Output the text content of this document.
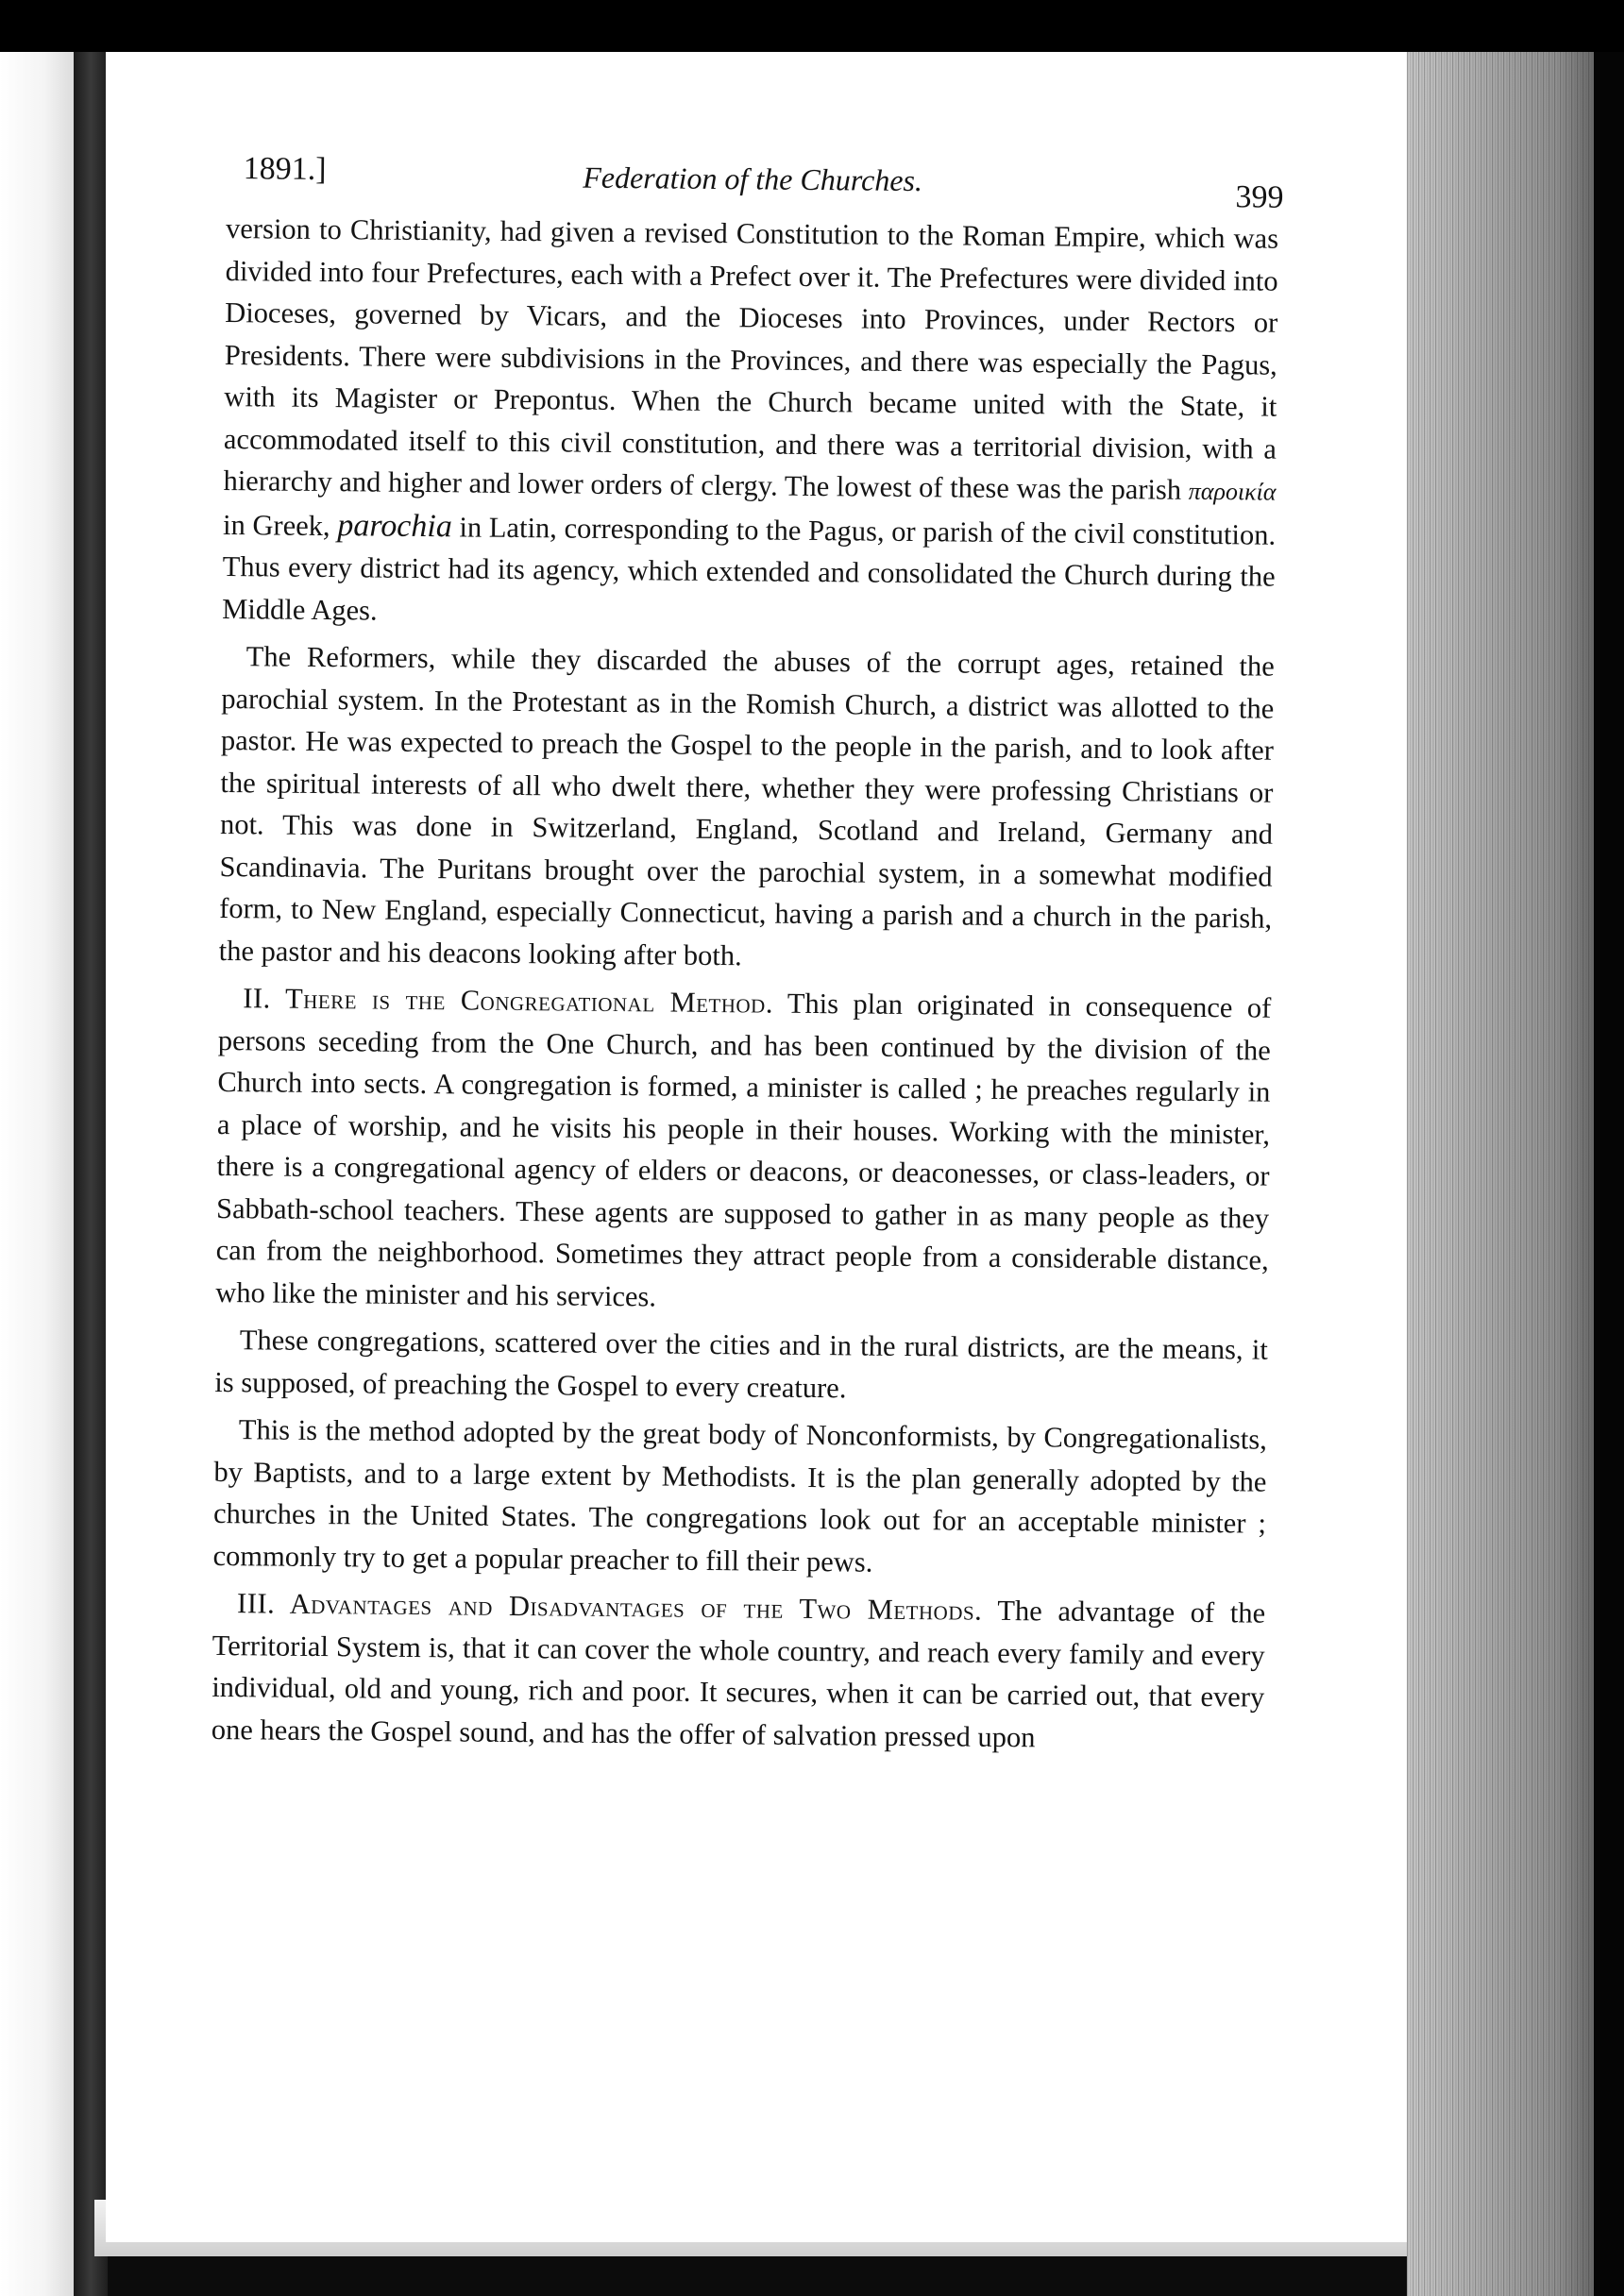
1891.]	Federation of the Churches.	399

version to Christianity, had given a revised Constitution to the Roman Empire, which was divided into four Prefectures, each with a Prefect over it. The Prefectures were divided into Dioceses, governed by Vicars, and the Dioceses into Provinces, under Rectors or Presidents. There were subdivisions in the Provinces, and there was especially the Pagus, with its Magister or Prepontus. When the Church became united with the State, it accommodated itself to this civil constitution, and there was a territorial division, with a hierarchy and higher and lower orders of clergy. The lowest of these was the parish παροικία in Greek, parochia in Latin, corresponding to the Pagus, or parish of the civil constitution. Thus every district had its agency, which extended and consolidated the Church during the Middle Ages.

The Reformers, while they discarded the abuses of the corrupt ages, retained the parochial system. In the Protestant as in the Romish Church, a district was allotted to the pastor. He was expected to preach the Gospel to the people in the parish, and to look after the spiritual interests of all who dwelt there, whether they were professing Christians or not. This was done in Switzerland, England, Scotland and Ireland, Germany and Scandinavia. The Puritans brought over the parochial system, in a somewhat modified form, to New England, especially Connecticut, having a parish and a church in the parish, the pastor and his deacons looking after both.

II. There is the Congregational Method. This plan originated in consequence of persons seceding from the One Church, and has been continued by the division of the Church into sects. A congregation is formed, a minister is called ; he preaches regularly in a place of worship, and he visits his people in their houses. Working with the minister, there is a congregational agency of elders or deacons, or deaconesses, or class-leaders, or Sabbath-school teachers. These agents are supposed to gather in as many people as they can from the neighborhood. Sometimes they attract people from a considerable distance, who like the minister and his services.

These congregations, scattered over the cities and in the rural districts, are the means, it is supposed, of preaching the Gospel to every creature.

This is the method adopted by the great body of Nonconformists, by Congregationalists, by Baptists, and to a large extent by Methodists. It is the plan generally adopted by the churches in the United States. The congregations look out for an acceptable minister ; commonly try to get a popular preacher to fill their pews.

III. Advantages and Disadvantages of the Two Methods. The advantage of the Territorial System is, that it can cover the whole country, and reach every family and every individual, old and young, rich and poor. It secures, when it can be carried out, that every one hears the Gospel sound, and has the offer of salvation pressed upon
